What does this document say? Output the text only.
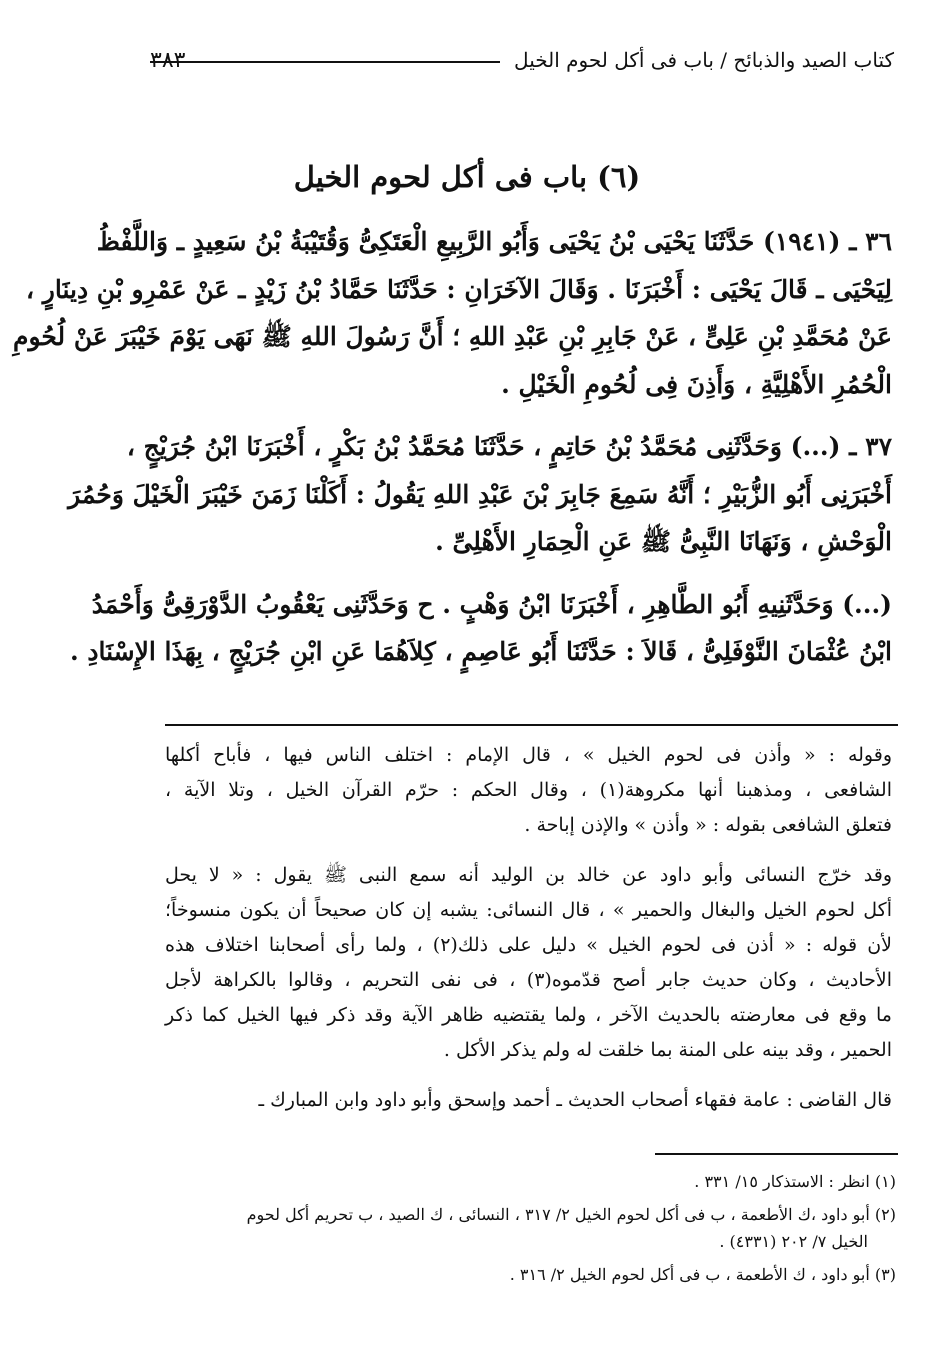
كتاب الصيد والذبائح / باب فى أكل لحوم الخيل
٣٨٣
(٦) باب فى أكل لحوم الخيل

٣٦ ـ (١٩٤١) حَدَّثَنَا يَحْيَى بْنُ يَحْيَى وَأَبُو الرَّبِيعِ الْعَتَكِىُّ وَقُتَيْبَةُ بْنُ سَعِيدٍ ـ وَاللَّفْظُ
لِيَحْيَى ـ قَالَ يَحْيَى : أَخْبَرَنَا . وَقَالَ الآخَرَانِ : حَدَّثَنَا حَمَّادُ بْنُ زَيْدٍ ـ عَنْ عَمْرِو بْنِ دِينَارٍ ،
عَنْ مُحَمَّدِ بْنِ عَلِىٍّ ، عَنْ جَابِرِ بْنِ عَبْدِ اللهِ ؛ أَنَّ رَسُولَ اللهِ ﷺ نَهَى يَوْمَ خَيْبَرَ عَنْ لُحُومِ
الْحُمُرِ الأَهْلِيَّةِ ، وَأَذِنَ فِى لُحُومِ الْخَيْلِ .

٣٧ ـ (...) وَحَدَّثَنِى مُحَمَّدُ بْنُ حَاتِمٍ ، حَدَّثَنَا مُحَمَّدُ بْنُ بَكْرٍ ، أَخْبَرَنَا ابْنُ جُرَيْجٍ ،
أَخْبَرَنِى أَبُو الزُّبَيْرِ ؛ أَنَّهُ سَمِعَ جَابِرَ بْنَ عَبْدِ اللهِ يَقُولُ : أَكَلْنَا زَمَنَ خَيْبَرَ الْخَيْلَ وَحُمُرَ
الْوَحْشِ ، وَنَهَانَا النَّبِىُّ ﷺ عَنِ الْحِمَارِ الأَهْلِىِّ .

(...) وَحَدَّثَنِيهِ أَبُو الطَّاهِرِ ، أَخْبَرَنَا ابْنُ وَهْبٍ . ح وَحَدَّثَنِى يَعْقُوبُ الدَّوْرَقِىُّ وَأَحْمَدُ
ابْنُ عُثْمَانَ النَّوْفَلِىُّ ، قَالاَ : حَدَّثَنَا أَبُو عَاصِمٍ ، كِلاَهُمَا عَنِ ابْنِ جُرَيْجٍ ، بِهَذَا الإِسْنَادِ .

وقوله : « وأذن فى لحوم الخيل » ، قال الإمام : اختلف الناس فيها ، فأباح أكلها
الشافعى ، ومذهبنا أنها مكروهة(١) ، وقال الحكم : حرّم القرآن الخيل ، وتلا الآية ،
فتعلق الشافعى بقوله : « وأذن » والإذن إباحة .

وقد خرّج النسائى وأبو داود عن خالد بن الوليد أنه سمع النبى ﷺ يقول : « لا يحل
أكل لحوم الخيل والبغال والحمير » ، قال النسائى: يشبه إن كان صحيحاً أن يكون منسوخاً؛
لأن قوله : « أذن فى لحوم الخيل » دليل على ذلك(٢) ، ولما رأى أصحابنا اختلاف هذه
الأحاديث ، وكان حديث جابر أصح قدّموه(٣) ، فى نفى التحريم ، وقالوا بالكراهة لأجل
ما وقع فى معارضته بالحديث الآخر ، ولما يقتضيه ظاهر الآية وقد ذكر فيها الخيل كما ذكر
الحمير ، وقد بينه على المنة بما خلقت له ولم يذكر الأكل .

قال القاضى : عامة فقهاء أصحاب الحديث ـ أحمد وإسحق وأبو داود وابن المبارك ـ

(١) انظر : الاستذكار ١٥/ ٣٣١ .
(٢) أبو داود ،ك الأطعمة ، ب فى أكل لحوم الخيل ٢/ ٣١٧ ، النسائى ، ك الصيد ، ب تحريم أكل لحوم
الخيل ٧/ ٢٠٢ (٤٣٣١) .
(٣) أبو داود ، ك الأطعمة ، ب فى أكل لحوم الخيل ٢/ ٣١٦ .
